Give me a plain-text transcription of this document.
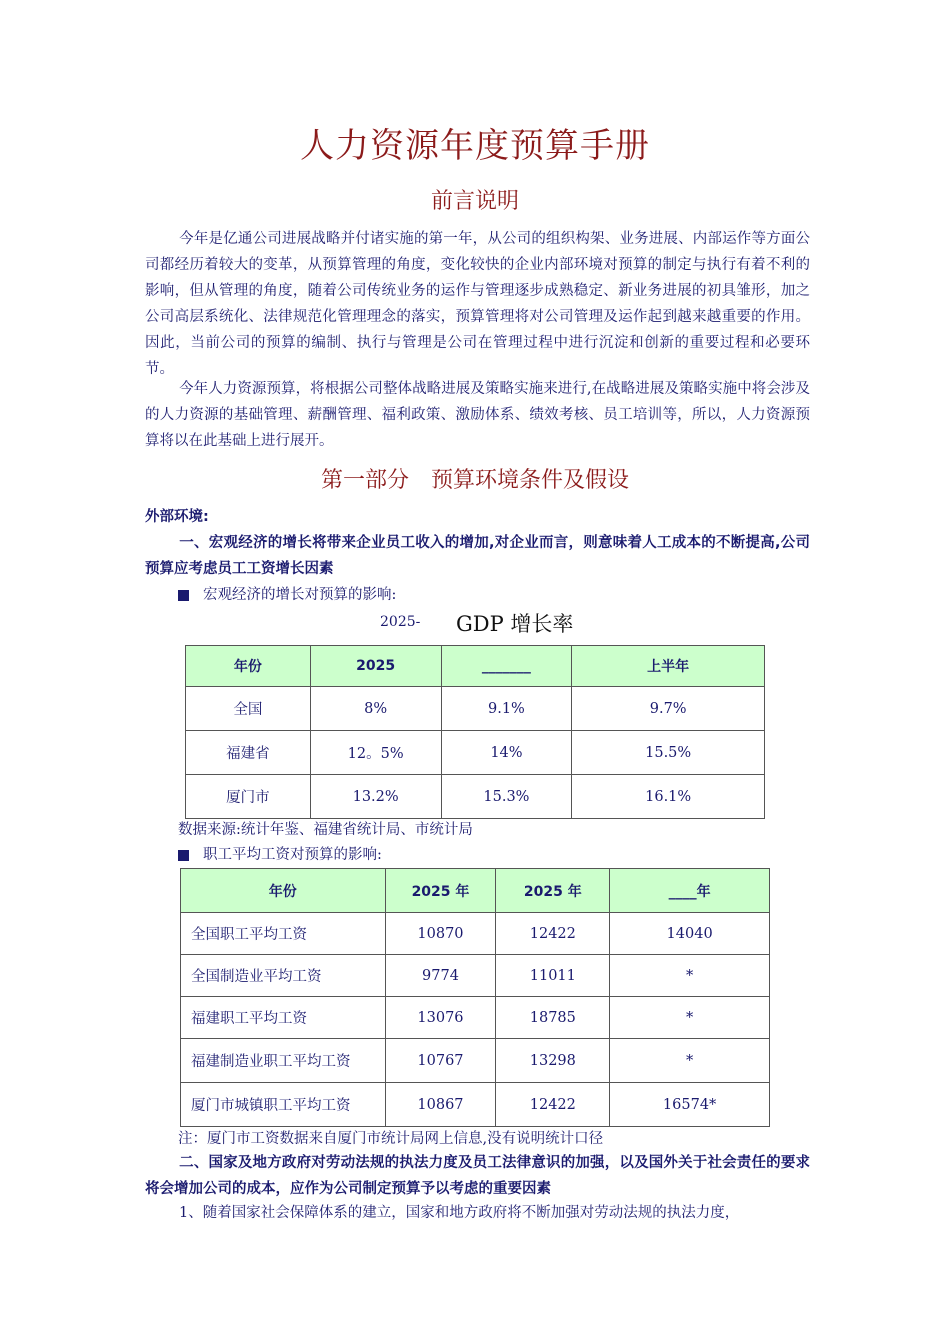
人力资源年度预算手册
前言说明
今年是亿通公司进展战略并付诸实施的第一年，从公司的组织构架、业务进展、内部运作等方面公司都经历着较大的变革，从预算管理的角度，变化较快的企业内部环境对预算的制定与执行有着不利的影响，但从管理的角度，随着公司传统业务的运作与管理逐步成熟稳定、新业务进展的初具雏形，加之公司高层系统化、法律规范化管理理念的落实，预算管理将对公司管理及运作起到越来越重要的作用。因此，当前公司的预算的编制、执行与管理是公司在管理过程中进行沉淀和创新的重要过程和必要环节。
今年人力资源预算，将根据公司整体战略进展及策略实施来进行,在战略进展及策略实施中将会涉及的人力资源的基础管理、薪酬管理、福利政策、激励体系、绩效考核、员工培训等，所以，人力资源预算将以在此基础上进行展开。
第一部分　预算环境条件及假设
外部环境:
一、宏观经济的增长将带来企业员工收入的增加,对企业而言，则意味着人工成本的不断提高,公司预算应考虑员工工资增长因素
宏观经济的增长对预算的影响:
2025- GDP 增长率
年份	2025	_______	上半年
全国	8%	9.1%	9.7%
福建省	12。5%	14%	15.5%
厦门市	13.2%	15.3%	16.1%
数据来源:统计年鉴、福建省统计局、市统计局
职工平均工资对预算的影响:
年份	2025 年	2025 年	____年
全国职工平均工资	10870	12422	14040
全国制造业平均工资	9774	11011	*
福建职工平均工资	13076	18785	*
福建制造业职工平均工资	10767	13298	*
厦门市城镇职工平均工资	10867	12422	16574*
注：厦门市工资数据来自厦门市统计局网上信息,没有说明统计口径
二、国家及地方政府对劳动法规的执法力度及员工法律意识的加强，以及国外关于社会责任的要求将会增加公司的成本，应作为公司制定预算予以考虑的重要因素
1、随着国家社会保障体系的建立，国家和地方政府将不断加强对劳动法规的执法力度，
